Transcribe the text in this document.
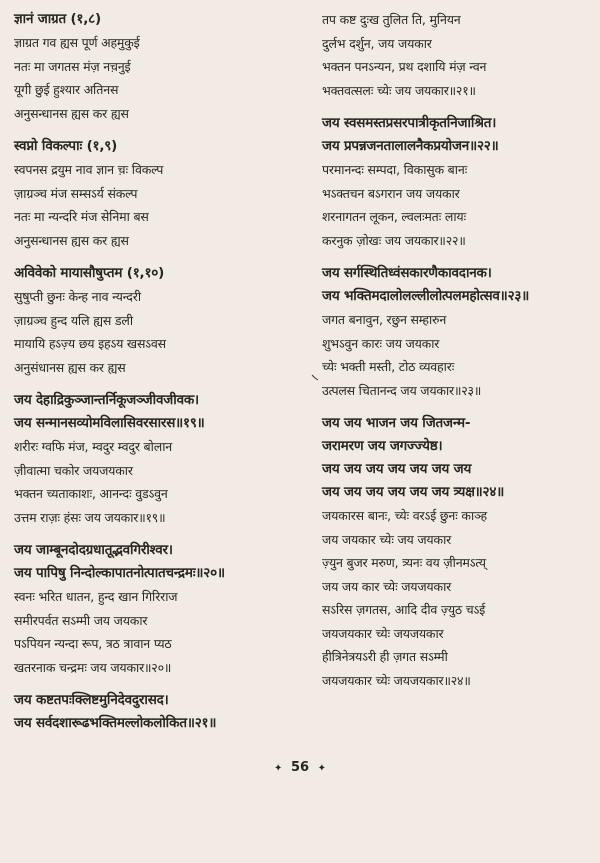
ज्ञानं जाग्रत (१,८)
ज्ञाग्रत गव ह्यस पूर्ण अहमुकुई
नतः मा जगतस मंज़ नच़नुई
यूगी छुई हुश्यार अतिनस
अनुसन्धानस ह्यस कर ह्यस
स्वप्नो विकल्पाः (१,९)
स्वपनस द्रयुम नाव ज्ञान च़ः विकल्प
ज़ाग्रञ्च मंज सम्सऽर्य संकल्प
नतः मा न्यन्दरि मंज सेनिमा बस
अनुसन्धानस ह्यस कर ह्यस
अविवेको मायासौषुप्तम (१,१०)
सुषुप्ती छुनः केन्ह नाव न्यन्दरी
ज़ाग्रञ्च हुन्द यलि ह्यस डली
मायायि हऽज़्य छय इहऽय खसऽवस
अनुसंधानस ह्यस कर ह्यस
जय देहाद्रिकुञ्जान्तर्निकूजञ्जीवजीवक।
जय सन्मानसव्योमविलासिवरसारस॥१९॥
शरीरः ग्वफि मंज, म्वदुर म्वदुर बोलान
ज़ीवात्मा चकोर जयजयकार
भक्तन च्यताकाशः, आनन्दः वुडऽवुन
उत्तम राज़ः हंसः जय जयकार॥१९॥
जय जाम्बूनदोदग्रधातूद्भवगिरीश्वर।
जय पापिषु निन्दोल्कापातनोत्पातचन्द्रमः॥२०॥
स्वनः भरित धातन, हुन्द खान गिरिराज
समीरपर्वत सऽम्मी जय जयकार
पऽपियन न्यन्दा रूप, त्रठ त्रावान प्यठ
खतरनाक चन्द्रमः जय जयकार॥२०॥
जय कष्टतपःक्लिष्टमुनिदेवदुरासद।
जय सर्वदशारूढभक्तिमल्लोकलोकित॥२१॥
तप कष्ट दुःख तुलित ति, मुनियन
दुर्लभ दर्शुन, जय जयकार
भक्तन पनऽन्यन, प्रथ दशायि मंज़ न्वन
भक्तवत्सलः च्येः जय जयकार॥२१॥
जय स्वसमस्तप्रसरपात्रीकृतनिजाश्रित।
जय प्रपन्नजनतालालनैकप्रयोजन॥२२॥
परमानन्दः सम्पदा, विकासुक बानः
भऽक्तचन बऽगरान जय जयकार
शरनागतन लूकन, ल्वलःमतः लायः
करनुक ज़ोखः जय जयकार॥२२॥
जय सर्गस्थितिध्वंसकारणैकावदानक।
जय भक्तिमदालोलल्लीलोत्पलमहोत्सव॥२३॥
जगत बनावुन, रछुन सम्हारुन
शुभऽवुन कारः जय जयकार
च्येः भक्ती मस्ती, टोठ व्यवहारः
उत्पलस चितानन्द जय जयकार॥२३॥
जय जय भाजन जय जितजन्म-
जरामरण जय जगज्ज्येष्ठ।
जय जय जय जय जय जय जय
जय जय जय जय जय जय त्र्यक्ष॥२४॥
जयकारस बानः, च्येः वरऽई छुनः काञ्ह
जय जयकार च्येः जय जयकार
ज़्युन बुजर मरुण, त्र्यनः वय ज़ीनमऽत्य्
जय जय कार च्येः जयजयकार
सऽरिस ज़गतस, आदि दीव ज़्युठ चऽई
जयजयकार च्येः जयजयकार
हीत्रिनेत्रयऽरी ही ज़गत सऽम्मी
जयजयकार च्येः जयजयकार॥२४॥
✦ 56 ✦
